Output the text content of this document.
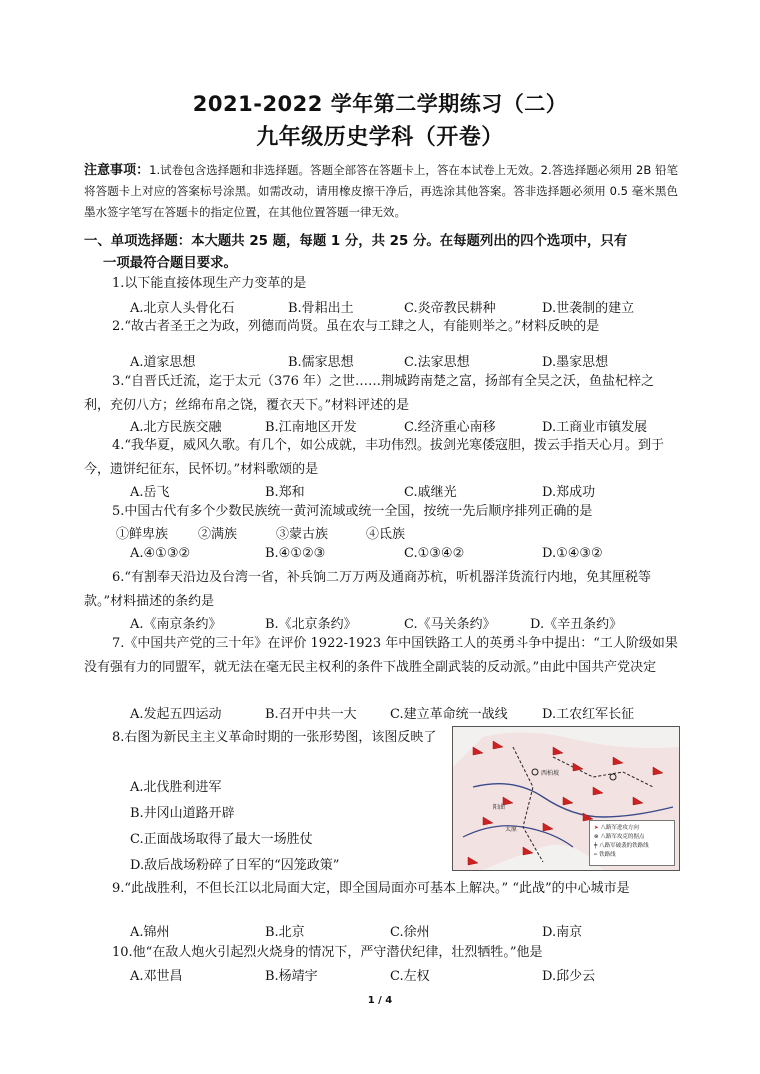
2021-2022 学年第二学期练习（二）
九年级历史学科（开卷）
注意事项：1.试卷包含选择题和非选择题。答题全部答在答题卡上，答在本试卷上无效。2.答选择题必须用 2B 铅笔将答题卡上对应的答案标号涂黑。如需改动，请用橡皮擦干净后，再选涂其他答案。答非选择题必须用 0.5 毫米黑色墨水签字笔写在答题卡的指定位置，在其他位置答题一律无效。
一、单项选择题：本大题共 25 题，每题 1 分，共 25 分。在每题列出的四个选项中，只有
一项最符合题目要求。
1.以下能直接体现生产力变革的是
A.北京人头骨化石	B.骨耜出土	C.炎帝教民耕种	D.世袭制的建立
2.“故古者圣王之为政，列德而尚贤。虽在农与工肆之人，有能则举之。”材料反映的是
A.道家思想	B.儒家思想	C.法家思想	D.墨家思想
3.“自晋氏迁流，迄于太元（376 年）之世……荆城跨南楚之富，扬部有全吴之沃，鱼盐杞梓之利，充仞八方；丝绵布帛之饶，覆衣天下。”材料评述的是
A.北方民族交融	B.江南地区开发	C.经济重心南移	D.工商业市镇发展
4.“我华夏，威风久歌。有几个，如公成就，丰功伟烈。拔剑光寒倭寇胆，拨云手指天心月。到于今，遗饼纪征东，民怀切。”材料歌颂的是
A.岳飞	B.郑和	C.戚继光	D.郑成功
5.中国古代有多个少数民族统一黄河流域或统一全国，按统一先后顺序排列正确的是
①鲜卑族 ②满族	③蒙古族	④氐族
A.④①③②	B.④①②③	C.①③④②	D.①④③②
6.“有割奉天沿边及台湾一省，补兵饷二万万两及通商苏杭，听机器洋货流行内地，免其厘税等款。”材料描述的条约是
A.《南京条约》	B.《北京条约》	C.《马关条约》	D.《辛丑条约》
7.《中国共产党的三十年》在评价 1922-1923 年中国铁路工人的英勇斗争中提出：“工人阶级如果没有强有力的同盟军，就无法在毫无民主权利的条件下战胜全副武装的反动派。”由此中国共产党决定
A.发起五四运动	B.召开中共一大	C.建立革命统一战线	D.工农红军长征
8.右图为新民主主义革命时期的一张形势图，该图反映了
A.北伐胜利进军
B.井冈山道路开辟
C.正面战场取得了最大一场胜仗
D.敌后战场粉碎了日军的“囚笼政策”
西柏坡
阳曲
太原	➤ 八路军进攻方向
⊗ 八路军攻克的据点
╪ 八路军破袭的铁路线
┅ 铁路线
9.“此战胜利，不但长江以北局面大定，即全国局面亦可基本上解决。” “此战”的中心城市是
A.锦州	B.北京	C.徐州	D.南京
10.他“在敌人炮火引起烈火烧身的情况下，严守潜伏纪律，壮烈牺牲。”他是
A.邓世昌	B.杨靖宇	C.左权	D.邱少云
1 / 4
